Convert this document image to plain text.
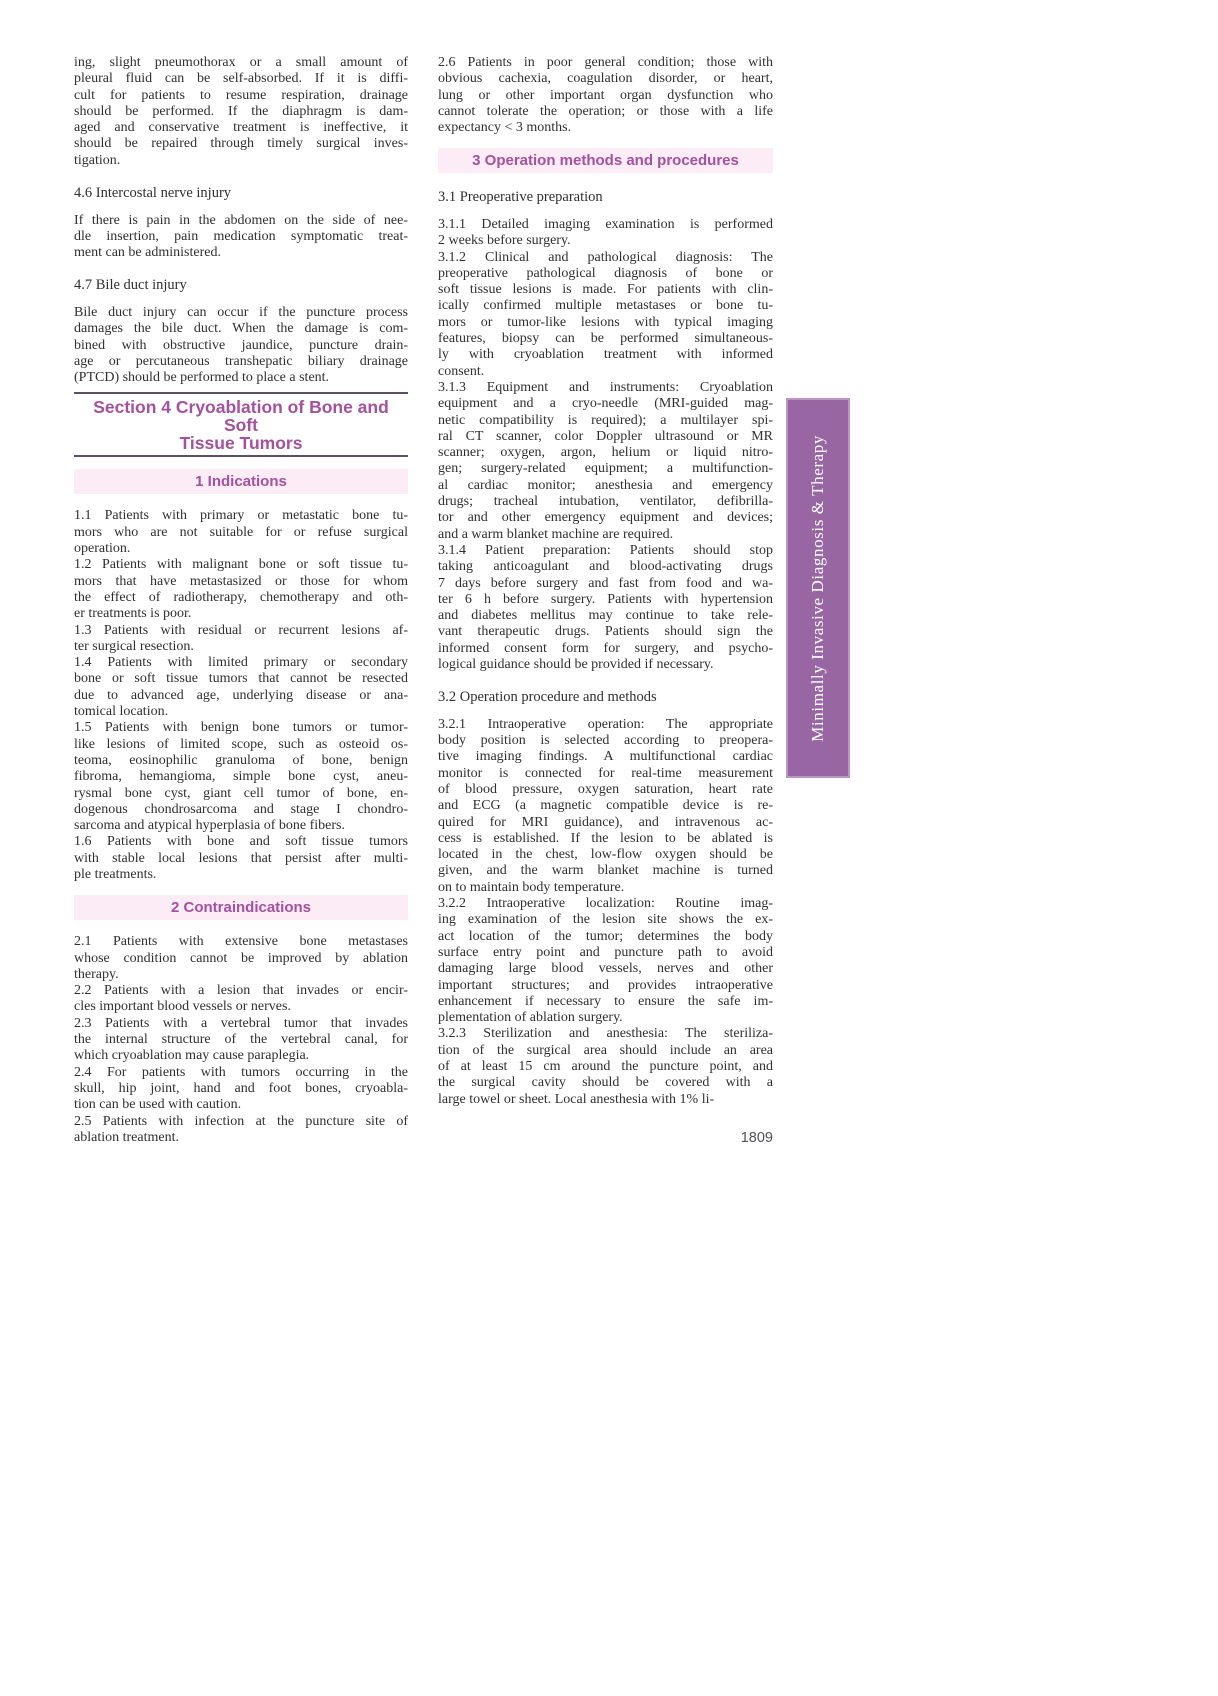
ing, slight pneumothorax or a small amount of
pleural fluid can be self-absorbed. If it is diffi-
cult for patients to resume respiration, drainage
should be performed. If the diaphragm is dam-
aged and conservative treatment is ineffective, it
should be repaired through timely surgical inves-
tigation.
4.6 Intercostal nerve injury
If there is pain in the abdomen on the side of nee-
dle insertion, pain medication symptomatic treat-
ment can be administered.
4.7 Bile duct injury
Bile duct injury can occur if the puncture process
damages the bile duct. When the damage is com-
bined with obstructive jaundice, puncture drain-
age or percutaneous transhepatic biliary drainage
(PTCD) should be performed to place a stent.
Section 4 Cryoablation of Bone and Soft
Tissue Tumors
1 Indications
1.1 Patients with primary or metastatic bone tu-
mors who are not suitable for or refuse surgical
operation.
1.2 Patients with malignant bone or soft tissue tu-
mors that have metastasized or those for whom
the effect of radiotherapy, chemotherapy and oth-
er treatments is poor.
1.3 Patients with residual or recurrent lesions af-
ter surgical resection.
1.4 Patients with limited primary or secondary
bone or soft tissue tumors that cannot be resected
due to advanced age, underlying disease or ana-
tomical location.
1.5 Patients with benign bone tumors or tumor-
like lesions of limited scope, such as osteoid os-
teoma, eosinophilic granuloma of bone, benign
fibroma, hemangioma, simple bone cyst, aneu-
rysmal bone cyst, giant cell tumor of bone, en-
dogenous chondrosarcoma and stage I chondro-
sarcoma and atypical hyperplasia of bone fibers.
1.6 Patients with bone and soft tissue tumors
with stable local lesions that persist after multi-
ple treatments.
2 Contraindications
2.1 Patients with extensive bone metastases
whose condition cannot be improved by ablation
therapy.
2.2 Patients with a lesion that invades or encir-
cles important blood vessels or nerves.
2.3 Patients with a vertebral tumor that invades
the internal structure of the vertebral canal, for
which cryoablation may cause paraplegia.
2.4 For patients with tumors occurring in the
skull, hip joint, hand and foot bones, cryoabla-
tion can be used with caution.
2.5 Patients with infection at the puncture site of
ablation treatment.
2.6 Patients in poor general condition; those with
obvious cachexia, coagulation disorder, or heart,
lung or other important organ dysfunction who
cannot tolerate the operation; or those with a life
expectancy < 3 months.
3 Operation methods and procedures
3.1 Preoperative preparation
3.1.1 Detailed imaging examination is performed
2 weeks before surgery.
3.1.2 Clinical and pathological diagnosis: The
preoperative pathological diagnosis of bone or
soft tissue lesions is made. For patients with clin-
ically confirmed multiple metastases or bone tu-
mors or tumor-like lesions with typical imaging
features, biopsy can be performed simultaneous-
ly with cryoablation treatment with informed
consent.
3.1.3 Equipment and instruments: Cryoablation
equipment and a cryo-needle (MRI-guided mag-
netic compatibility is required); a multilayer spi-
ral CT scanner, color Doppler ultrasound or MR
scanner; oxygen, argon, helium or liquid nitro-
gen; surgery-related equipment; a multifunction-
al cardiac monitor; anesthesia and emergency
drugs; tracheal intubation, ventilator, defibrilla-
tor and other emergency equipment and devices;
and a warm blanket machine are required.
3.1.4 Patient preparation: Patients should stop
taking anticoagulant and blood-activating drugs
7 days before surgery and fast from food and wa-
ter 6 h before surgery. Patients with hypertension
and diabetes mellitus may continue to take rele-
vant therapeutic drugs. Patients should sign the
informed consent form for surgery, and psycho-
logical guidance should be provided if necessary.
3.2 Operation procedure and methods
3.2.1 Intraoperative operation: The appropriate
body position is selected according to preopera-
tive imaging findings. A multifunctional cardiac
monitor is connected for real-time measurement
of blood pressure, oxygen saturation, heart rate
and ECG (a magnetic compatible device is re-
quired for MRI guidance), and intravenous ac-
cess is established. If the lesion to be ablated is
located in the chest, low-flow oxygen should be
given, and the warm blanket machine is turned
on to maintain body temperature.
3.2.2 Intraoperative localization: Routine imag-
ing examination of the lesion site shows the ex-
act location of the tumor; determines the body
surface entry point and puncture path to avoid
damaging large blood vessels, nerves and other
important structures; and provides intraoperative
enhancement if necessary to ensure the safe im-
plementation of ablation surgery.
3.2.3 Sterilization and anesthesia: The steriliza-
tion of the surgical area should include an area
of at least 15 cm around the puncture point, and
the surgical cavity should be covered with a
large towel or sheet. Local anesthesia with 1% li-
Minimally Invasive Diagnosis & Therapy
1809
